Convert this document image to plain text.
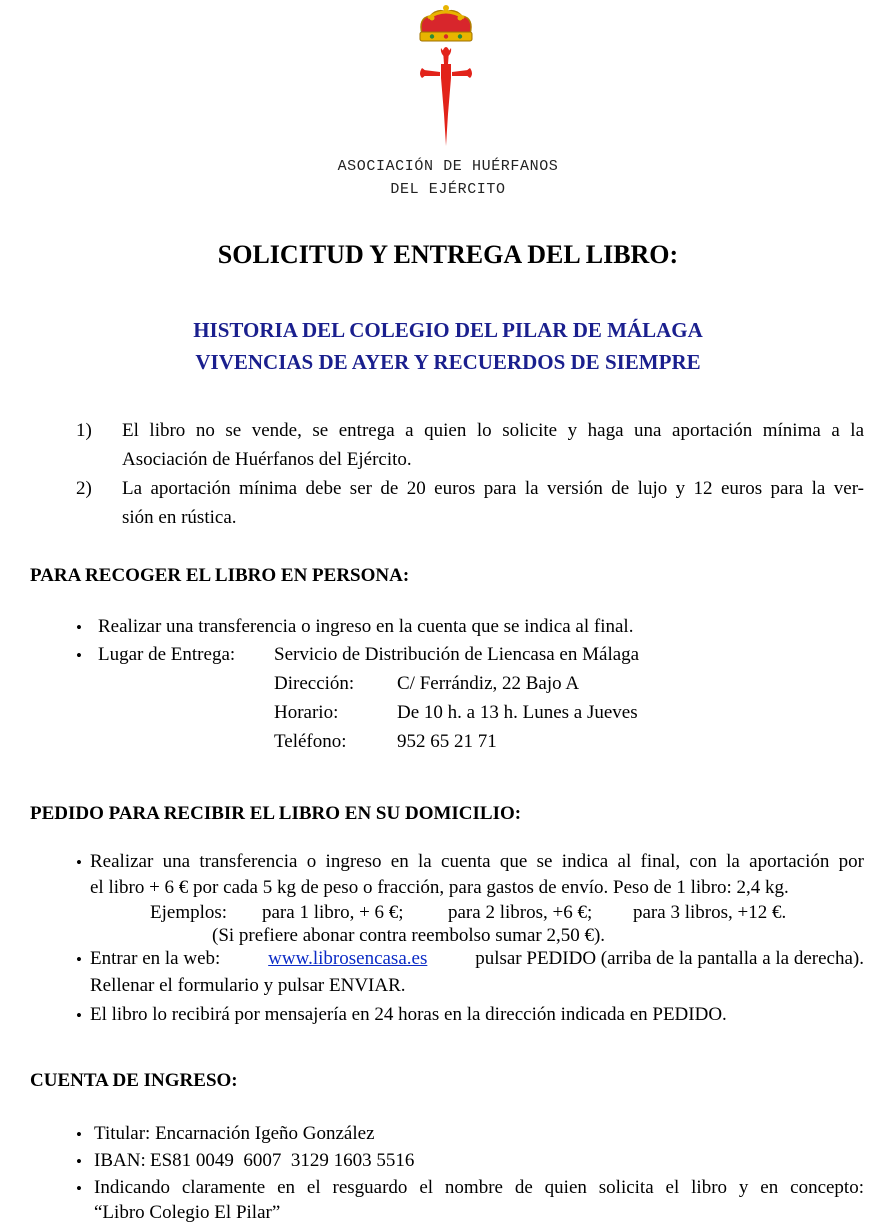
ASOCIACIÓN DE HUÉRFANOS
DEL EJÉRCITO
SOLICITUD Y ENTREGA DEL LIBRO:
HISTORIA DEL COLEGIO DEL PILAR DE MÁLAGA
VIVENCIAS DE AYER Y RECUERDOS DE SIEMPRE
1) El libro no se vende, se entrega a quien lo solicite y haga una aportación mínima a la
Asociación de Huérfanos del Ejército.
2) La aportación mínima debe ser de 20 euros para la versión de lujo y 12 euros para la ver-
sión en rústica.
PARA RECOGER EL LIBRO EN PERSONA:
• Realizar una transferencia o ingreso en la cuenta que se indica al final.
• Lugar de Entrega: Servicio de Distribución de Liencasa en Málaga
Dirección: C/ Ferrándiz, 22 Bajo A
Horario:	De 10 h. a 13 h. Lunes a Jueves
Teléfono:	952 65 21 71
PEDIDO PARA RECIBIR EL LIBRO EN SU DOMICILIO:
• Realizar una transferencia o ingreso en la cuenta que se indica al final, con la aportación por
el libro + 6 € por cada 5 kg de peso o fracción, para gastos de envío. Peso de 1 libro: 2,4 kg.
Ejemplos: para 1 libro, + 6 €; para 2 libros, +6 €; para 3 libros, +12 €.
(Si prefiere abonar contra reembolso sumar 2,50 €).
• Entrar en la web:	www.librosencasa.es	pulsar PEDIDO (arriba de la pantalla a la derecha).
Rellenar el formulario y pulsar ENVIAR.
• El libro lo recibirá por mensajería en 24 horas en la dirección indicada en PEDIDO.
CUENTA DE INGRESO:
• Titular: Encarnación Igeño González
• IBAN: ES81 0049  6007  3129 1603 5516
• Indicando claramente en el resguardo el nombre de quien solicita el libro y en concepto:
“Libro Colegio El Pilar”
